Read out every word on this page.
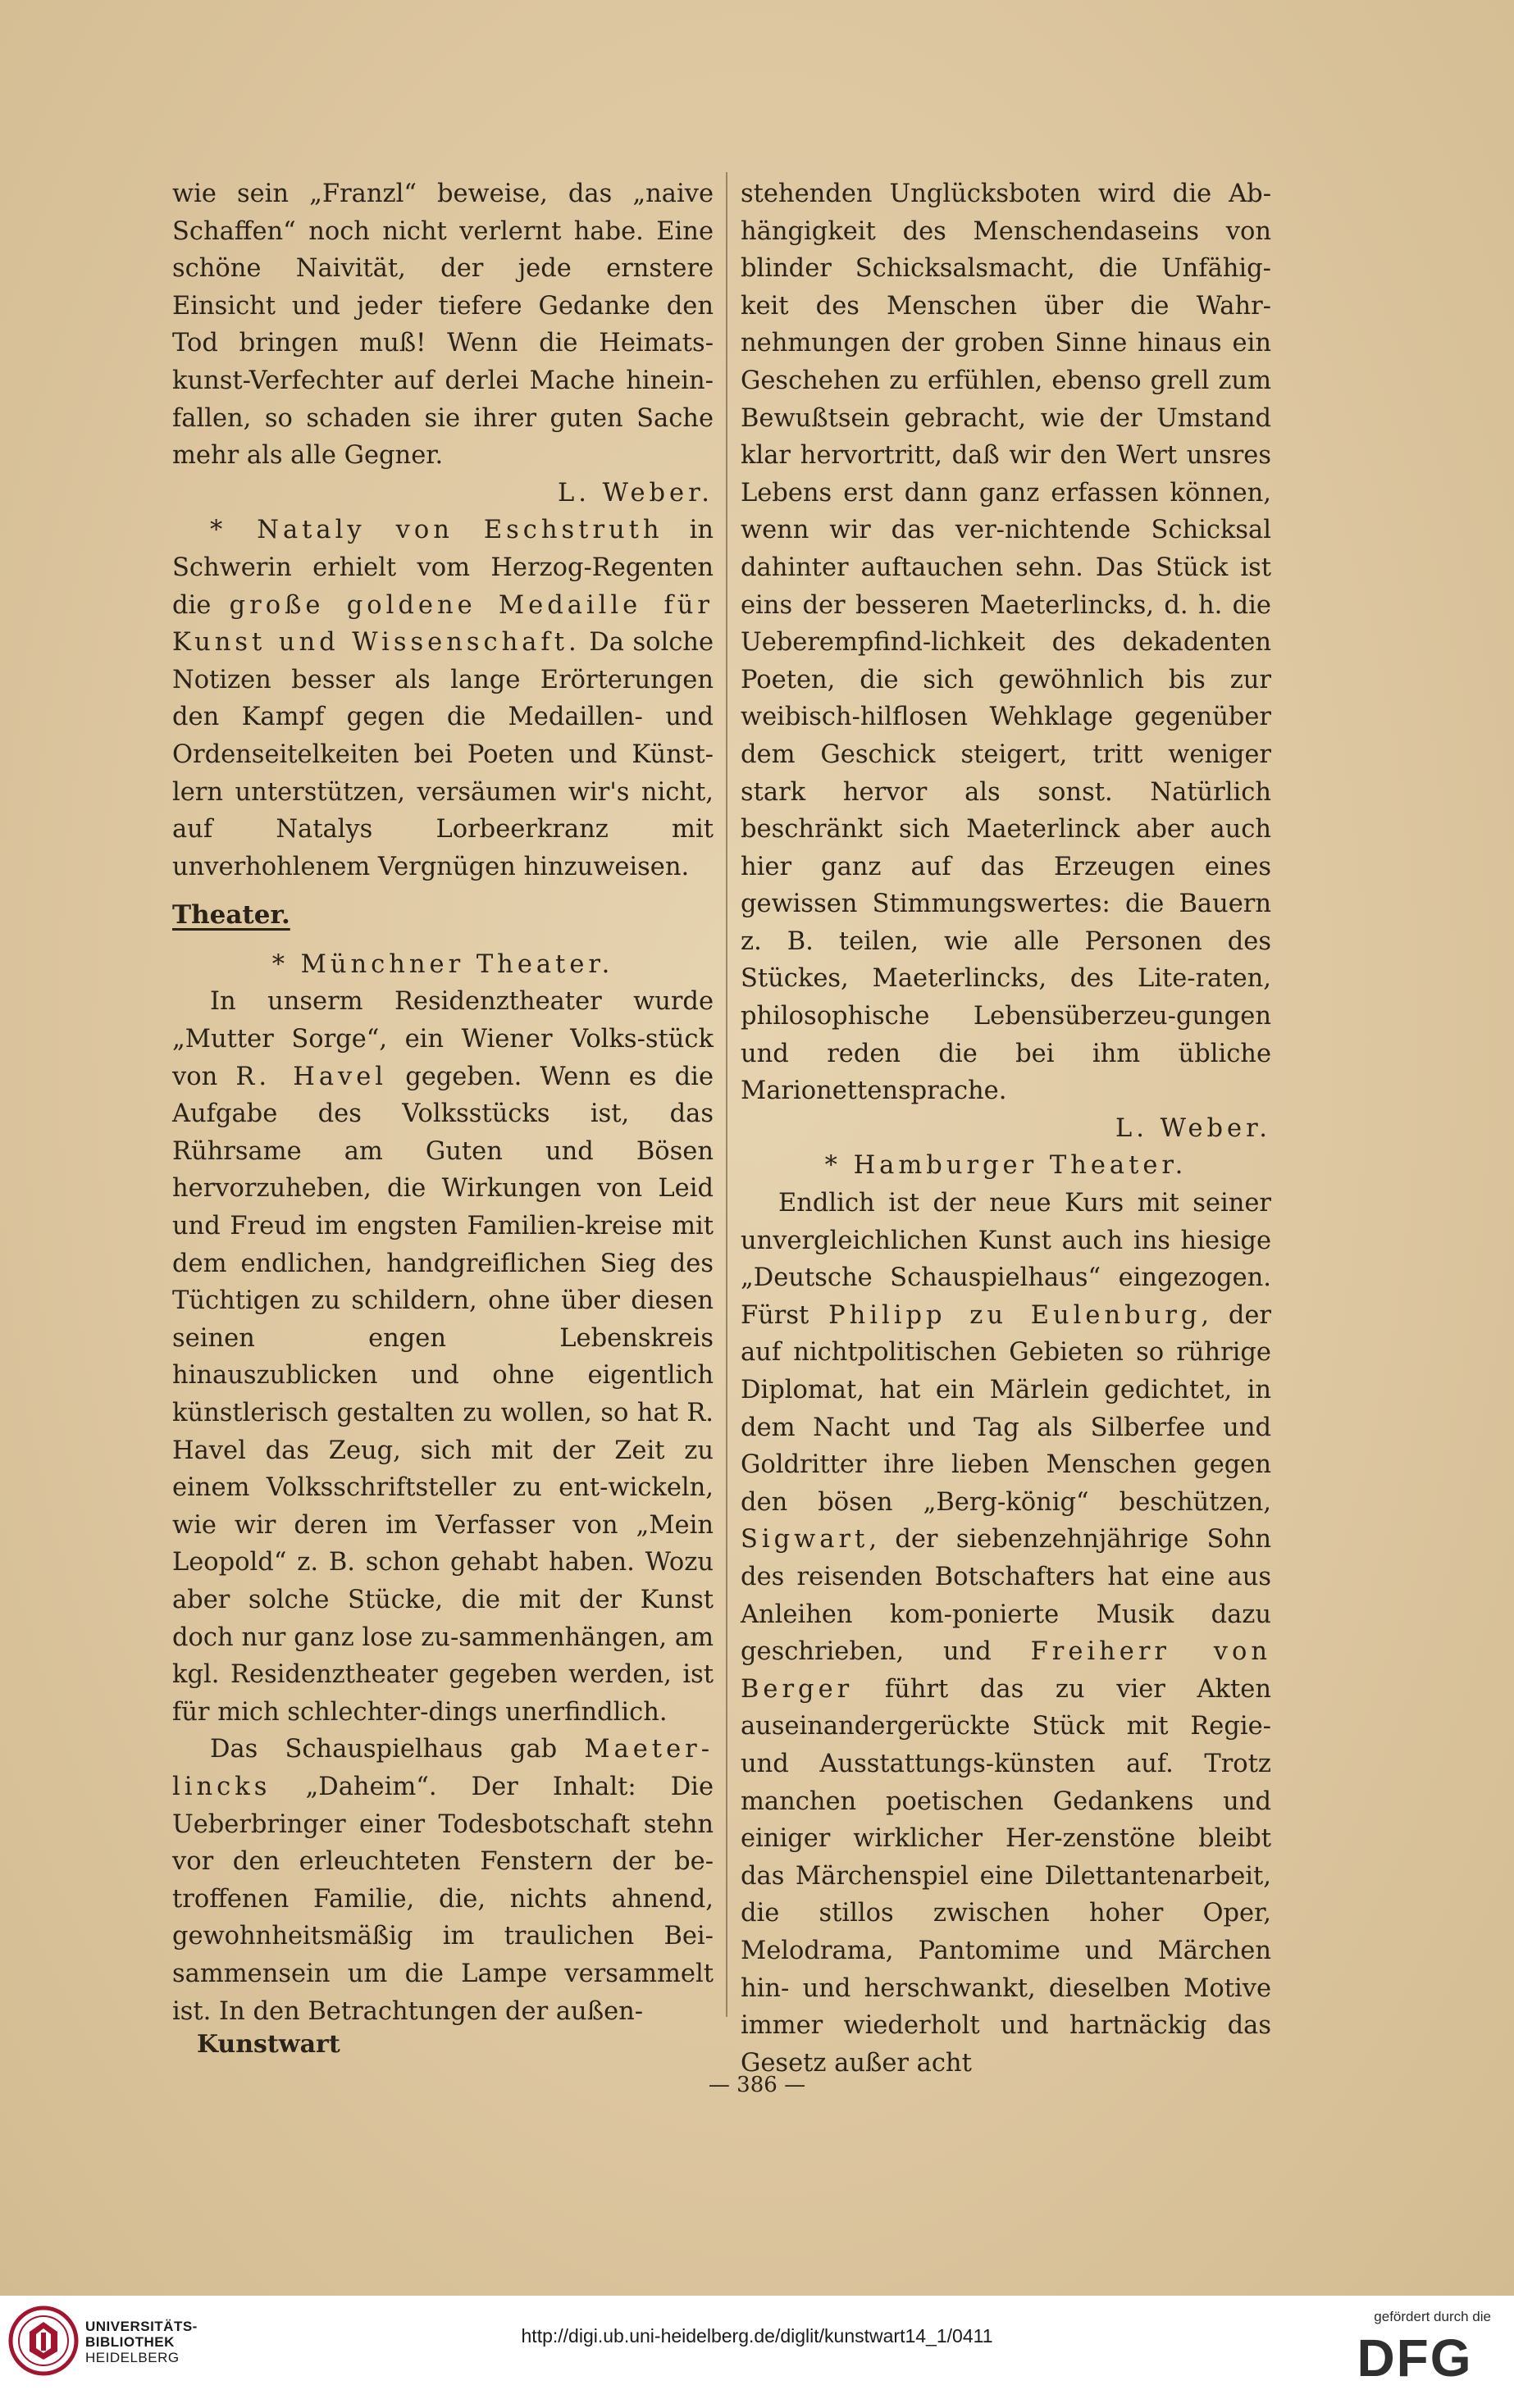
wie sein „Franzl“ beweise, das „naive Schaffen“ noch nicht verlernt habe. Eine schöne Naivität, der jede ernstere Einsicht und jeder tiefere Gedanke den Tod bringen muß! Wenn die Heimats-kunst-Verfechter auf derlei Mache hinein-fallen, so schaden sie ihrer guten Sache mehr als alle Gegner.

L. Weber.

* Nataly von Eschstruth in Schwerin erhielt vom Herzog-Regenten die große goldene Medaille für Kunst und Wissenschaft. Da solche Notizen besser als lange Erörterungen den Kampf gegen die Medaillen- und Ordenseitelkeiten bei Poeten und Künst-lern unterstützen, versäumen wir's nicht, auf Natalys Lorbeerkranz mit unverhohlenem Vergnügen hinzuweisen.

Theater.

* Münchner Theater.

In unserm Residenztheater wurde „Mutter Sorge“, ein Wiener Volks-stück von R. Havel gegeben. Wenn es die Aufgabe des Volksstücks ist, das Rührsame am Guten und Bösen hervorzuheben, die Wirkungen von Leid und Freud im engsten Familien-kreise mit dem endlichen, handgreiflichen Sieg des Tüchtigen zu schildern, ohne über diesen seinen engen Lebenskreis hinauszublicken und ohne eigentlich künstlerisch gestalten zu wollen, so hat R. Havel das Zeug, sich mit der Zeit zu einem Volksschriftsteller zu ent-wickeln, wie wir deren im Verfasser von „Mein Leopold“ z. B. schon gehabt haben. Wozu aber solche Stücke, die mit der Kunst doch nur ganz lose zu-sammenhängen, am kgl. Residenztheater gegeben werden, ist für mich schlechter-dings unerfindlich.

Das Schauspielhaus gab Maeter-lincks „Daheim“. Der Inhalt: Die Ueberbringer einer Todesbotschaft stehn vor den erleuchteten Fenstern der be-troffenen Familie, die, nichts ahnend, gewohnheitsmäßig im traulichen Bei-sammensein um die Lampe versammelt ist. In den Betrachtungen der außen-

stehenden Unglücksboten wird die Ab-hängigkeit des Menschendaseins von blinder Schicksalsmacht, die Unfähig-keit des Menschen über die Wahr-nehmungen der groben Sinne hinaus ein Geschehen zu erfühlen, ebenso grell zum Bewußtsein gebracht, wie der Umstand klar hervortritt, daß wir den Wert unsres Lebens erst dann ganz erfassen können, wenn wir das ver-nichtende Schicksal dahinter auftauchen sehn. Das Stück ist eins der besseren Maeterlincks, d. h. die Ueberempfind-lichkeit des dekadenten Poeten, die sich gewöhnlich bis zur weibisch-hilflosen Wehklage gegenüber dem Geschick steigert, tritt weniger stark hervor als sonst. Natürlich beschränkt sich Maeterlinck aber auch hier ganz auf das Erzeugen eines gewissen Stimmungswertes: die Bauern z. B. teilen, wie alle Personen des Stückes, Maeterlincks, des Lite-raten, philosophische Lebensüberzeu-gungen und reden die bei ihm übliche Marionettensprache.

L. Weber.

* Hamburger Theater.

Endlich ist der neue Kurs mit seiner unvergleichlichen Kunst auch ins hiesige „Deutsche Schauspielhaus“ eingezogen. Fürst Philipp zu Eulenburg, der auf nichtpolitischen Gebieten so rührige Diplomat, hat ein Märlein gedichtet, in dem Nacht und Tag als Silberfee und Goldritter ihre lieben Menschen gegen den bösen „Berg-könig“ beschützen, Sigwart, der siebenzehnjährige Sohn des reisenden Botschafters hat eine aus Anleihen kom-ponierte Musik dazu geschrieben, und Freiherr von Berger führt das zu vier Akten auseinandergerückte Stück mit Regie- und Ausstattungs-künsten auf. Trotz manchen poetischen Gedankens und einiger wirklicher Her-zenstöne bleibt das Märchenspiel eine Dilettantenarbeit, die stillos zwischen hoher Oper, Melodrama, Pantomime und Märchen hin- und herschwankt, dieselben Motive immer wiederholt und hartnäckig das Gesetz außer acht

Kunstwart
— 386 —
UNIVERSITÄTS-
BIBLIOTHEK
HEIDELBERG
http://digi.ub.uni-heidelberg.de/diglit/kunstwart14_1/0411
gefördert durch die
DFG
